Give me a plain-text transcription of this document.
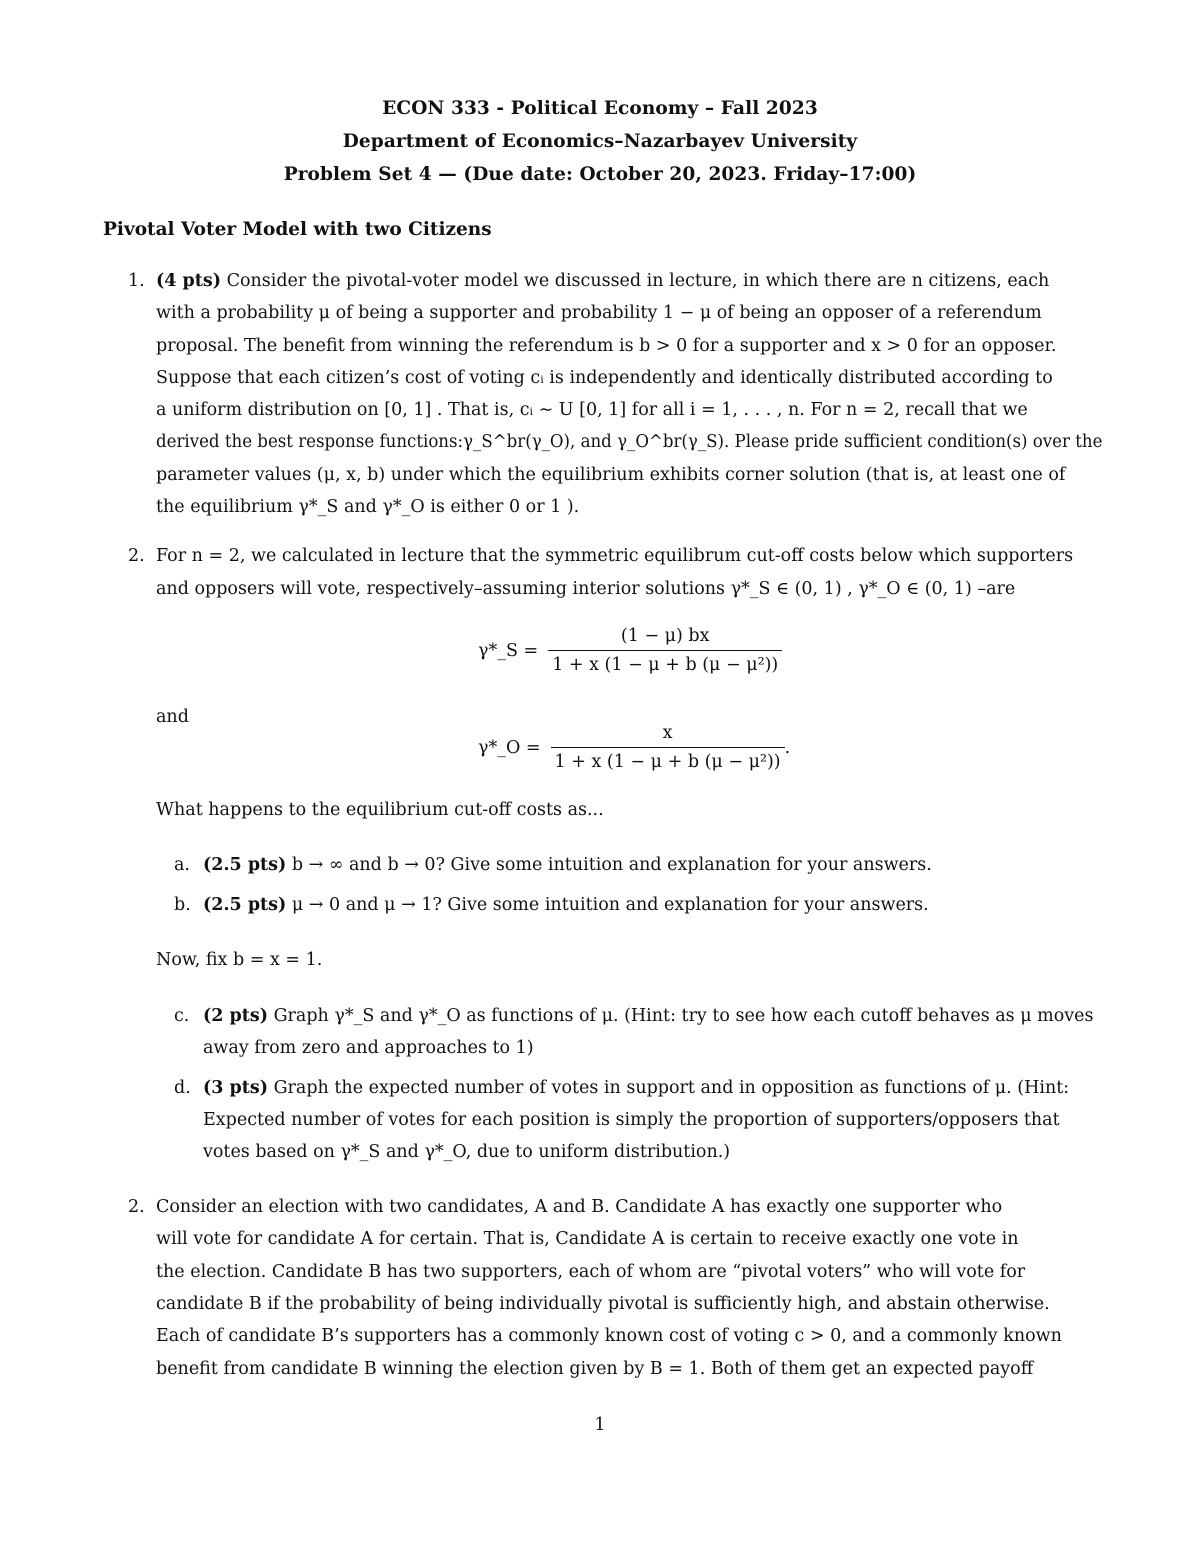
ECON 333 - Political Economy – Fall 2023
Department of Economics–Nazarbayev University
Problem Set 4 — (Due date: October 20, 2023. Friday–17:00)
Pivotal Voter Model with two Citizens
1. (4 pts) Consider the pivotal-voter model we discussed in lecture, in which there are n citizens, each
with a probability μ of being a supporter and probability 1 − μ of being an opposer of a referendum
proposal. The benefit from winning the referendum is b > 0 for a supporter and x > 0 for an opposer.
Suppose that each citizen’s cost of voting cᵢ is independently and identically distributed according to
a uniform distribution on [0, 1] . That is, cᵢ ∼ U [0, 1] for all i = 1, . . . , n. For n = 2, recall that we
derived the best response functions:γ_S^br(γ_O), and γ_O^br(γ_S). Please pride sufficient condition(s) over the
parameter values (μ, x, b) under which the equilibrium exhibits corner solution (that is, at least one of
the equilibrium γ*_S and γ*_O is either 0 or 1 ).
2. For n = 2, we calculated in lecture that the symmetric equilibrum cut-off costs below which supporters
and opposers will vote, respectively–assuming interior solutions γ*_S ∈ (0, 1) , γ*_O ∈ (0, 1) –are
γ*_S =
(1 − μ) bx
1 + x (1 − μ + b (μ − μ²))
and
γ*_O =
x
1 + x (1 − μ + b (μ − μ²))
.
What happens to the equilibrium cut-off costs as...
a. (2.5 pts) b → ∞ and b → 0? Give some intuition and explanation for your answers.
b. (2.5 pts) μ → 0 and μ → 1? Give some intuition and explanation for your answers.
Now, fix b = x = 1.
c. (2 pts) Graph γ*_S and γ*_O as functions of μ. (Hint: try to see how each cutoff behaves as μ moves
away from zero and approaches to 1)
d. (3 pts) Graph the expected number of votes in support and in opposition as functions of μ. (Hint:
Expected number of votes for each position is simply the proportion of supporters/opposers that
votes based on γ*_S and γ*_O, due to uniform distribution.)
2. Consider an election with two candidates, A and B. Candidate A has exactly one supporter who
will vote for candidate A for certain. That is, Candidate A is certain to receive exactly one vote in
the election. Candidate B has two supporters, each of whom are “pivotal voters” who will vote for
candidate B if the probability of being individually pivotal is sufficiently high, and abstain otherwise.
Each of candidate B’s supporters has a commonly known cost of voting c > 0, and a commonly known
benefit from candidate B winning the election given by B = 1. Both of them get an expected payoff
1
